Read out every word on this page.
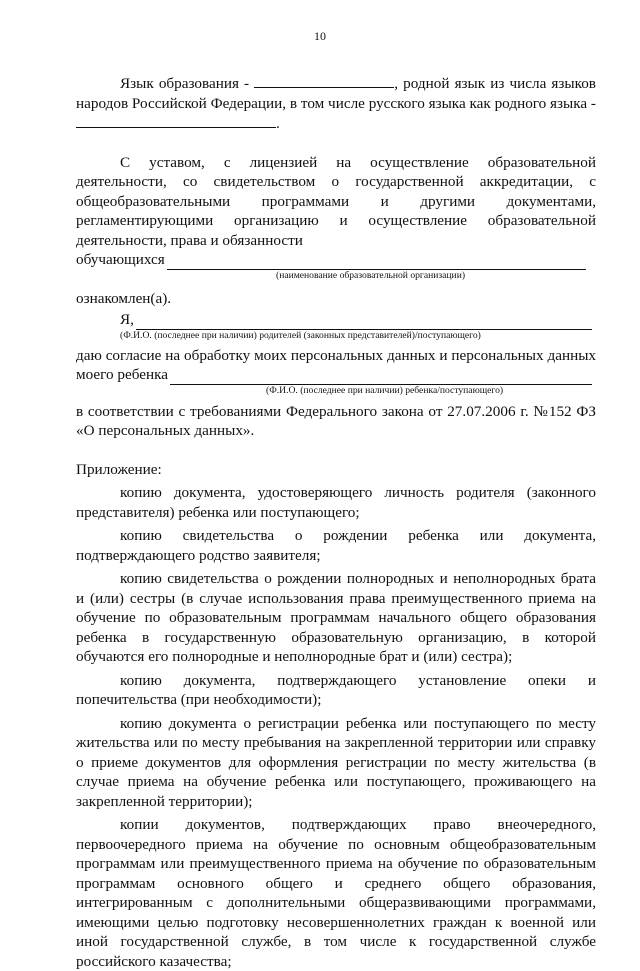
10

Язык образования -	, родной язык из числа языков народов Российской Федерации, в том числе русского языка как родного языка - .

С уставом, с лицензией на осуществление образовательной деятельности, со свидетельством о государственной аккредитации, с общеобразовательными программами и другими документами, регламентирующими организацию и осуществление образовательной деятельности, права и обязанности

обучающихся
(наименование образовательной организации)

ознакомлен(а).

Я,
(Ф.И.О. (последнее при наличии) родителей (законных представителей)/поступающего)

даю согласие на обработку моих персональных данных и персональных данных

моего ребенка
(Ф.И.О. (последнее при наличии) ребенка/поступающего)

в соответствии с требованиями Федерального закона от 27.07.2006 г. №152 ФЗ «О персональных данных».

Приложение:

копию документа, удостоверяющего личность родителя (законного представителя) ребенка или поступающего;

копию свидетельства о рождении ребенка или документа, подтверждающего родство заявителя;

копию свидетельства о рождении полнородных и неполнородных брата и (или) сестры (в случае использования права преимущественного приема на обучение по образовательным программам начального общего образования ребенка в государственную образовательную организацию, в которой обучаются его полнородные и неполнородные брат и (или) сестра);

копию документа, подтверждающего установление опеки и попечительства (при необходимости);

копию документа о регистрации ребенка или поступающего по месту жительства или по месту пребывания на закрепленной территории или справку о приеме документов для оформления регистрации по месту жительства (в случае приема на обучение ребенка или поступающего, проживающего на закрепленной территории);

копии документов, подтверждающих право внеочередного, первоочередного приема на обучение по основным общеобразовательным программам или преимущественного приема на обучение по образовательным программам основного общего и среднего общего образования, интегрированным с дополнительными общеразвивающими программами, имеющими целью подготовку несовершеннолетних граждан к военной или иной государственной службе, в том числе к государственной службе российского казачества;
